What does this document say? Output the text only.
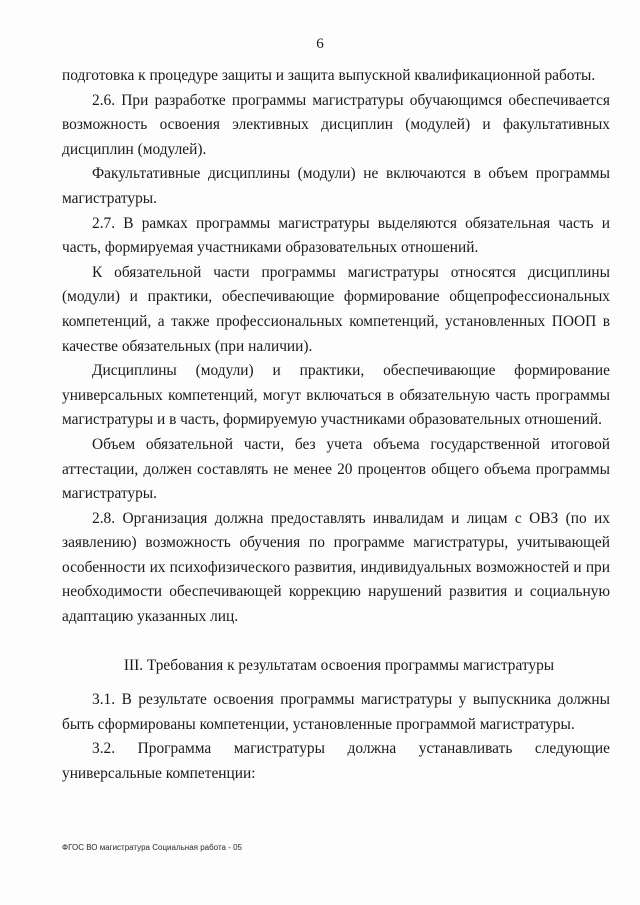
6

подготовка к процедуре защиты и защита выпускной квалификационной работы.

2.6. При разработке программы магистратуры обучающимся обеспечивается возможность освоения элективных дисциплин (модулей) и факультативных дисциплин (модулей).

Факультативные дисциплины (модули) не включаются в объем программы магистратуры.

2.7. В рамках программы магистратуры выделяются обязательная часть и часть, формируемая участниками образовательных отношений.

К обязательной части программы магистратуры относятся дисциплины (модули) и практики, обеспечивающие формирование общепрофессиональных компетенций, а также профессиональных компетенций, установленных ПООП в качестве обязательных (при наличии).

Дисциплины (модули) и практики, обеспечивающие формирование универсальных компетенций, могут включаться в обязательную часть программы магистратуры и в часть, формируемую участниками образовательных отношений.

Объем обязательной части, без учета объема государственной итоговой аттестации, должен составлять не менее 20 процентов общего объема программы магистратуры.

2.8. Организация должна предоставлять инвалидам и лицам с ОВЗ (по их заявлению) возможность обучения по программе магистратуры, учитывающей особенности их психофизического развития, индивидуальных возможностей и при необходимости обеспечивающей коррекцию нарушений развития и социальную адаптацию указанных лиц.

III. Требования к результатам освоения программы магистратуры

3.1. В результате освоения программы магистратуры у выпускника должны быть сформированы компетенции, установленные программой магистратуры.

3.2. Программа магистратуры должна устанавливать следующие универсальные компетенции:

ФГОС ВО магистратура Социальная работа - 05
